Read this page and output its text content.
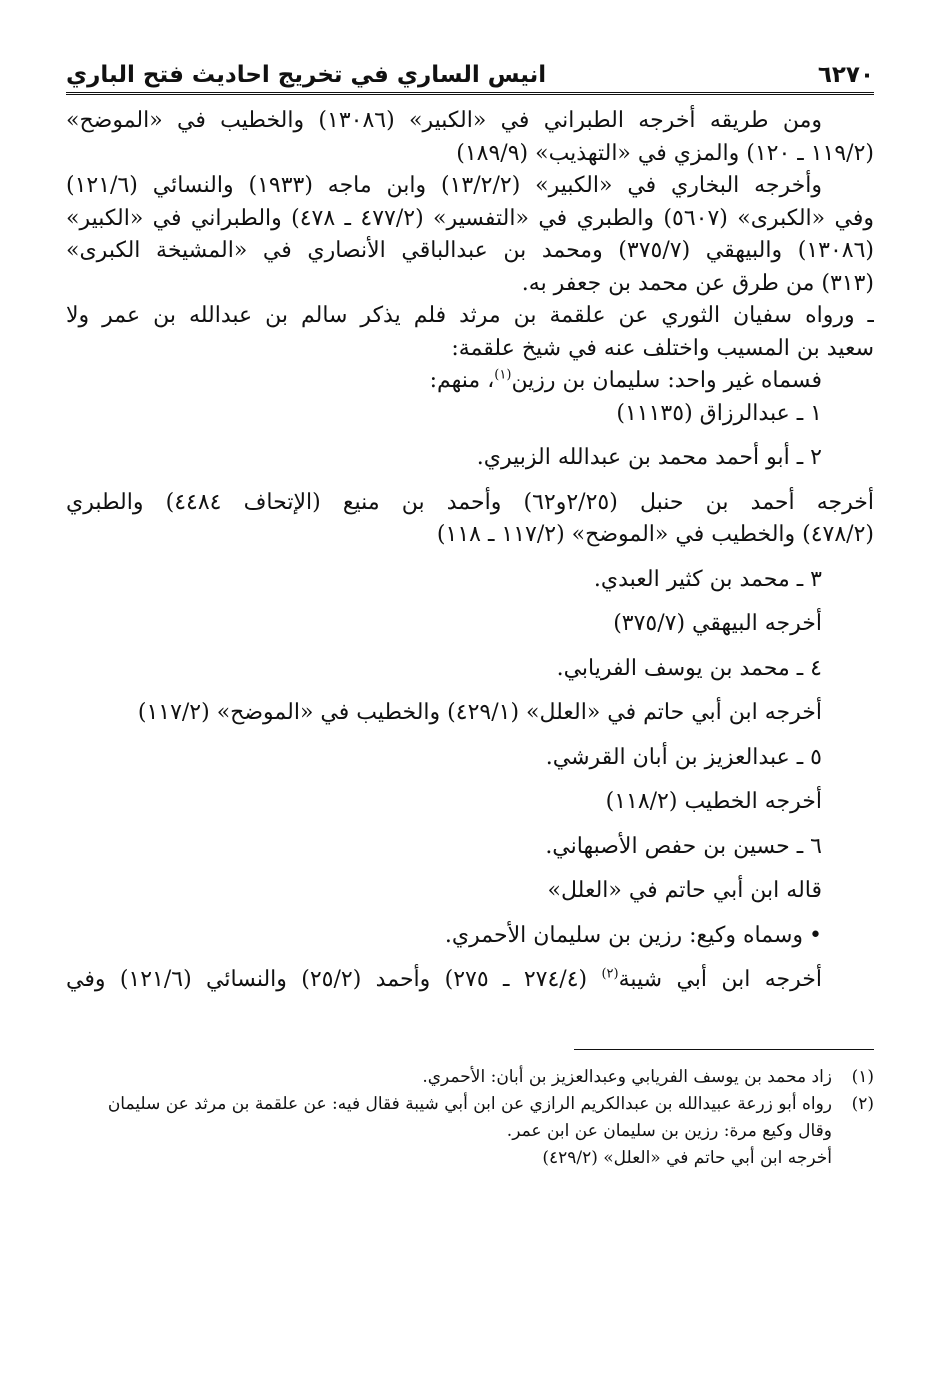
٦٢٧٠
انيس الساري في تخريج احاديث فتح الباري
ومن طريقه أخرجه الطبراني في «الكبير» (١٣٠٨٦) والخطيب في «الموضح»
(١١٩/٢ ـ ١٢٠) والمزي في «التهذيب» (١٨٩/٩)
وأخرجه البخاري في «الكبير» (١٣/٢/٢) وابن ماجه (١٩٣٣) والنسائي (١٢١/٦)
وفي «الكبرى» (٥٦٠٧) والطبري في «التفسير» (٤٧٧/٢ ـ ٤٧٨) والطبراني في «الكبير»
(١٣٠٨٦) والبيهقي (٣٧٥/٧) ومحمد بن عبدالباقي الأنصاري في «المشيخة الكبرى»
(٣١٣) من طرق عن محمد بن جعفر به.
ـ ورواه سفيان الثوري عن علقمة بن مرثد فلم يذكر سالم بن عبدالله بن عمر ولا
سعيد بن المسيب واختلف عنه في شيخ علقمة:
فسماه غير واحد: سليمان بن رزين$^{(١)}$، منهم:
١ ـ عبدالرزاق (١١١٣٥)
٢ ـ أبو أحمد محمد بن عبدالله الزبيري.
أخرجه أحمد بن حنبل (٢/٢٥و٦٢) وأحمد بن منيع (الإتحاف ٤٤٨٤) والطبري
(٤٧٨/٢) والخطيب في «الموضح» (١١٧/٢ ـ ١١٨)
٣ ـ محمد بن كثير العبدي.
أخرجه البيهقي (٣٧٥/٧)
٤ ـ محمد بن يوسف الفريابي.
أخرجه ابن أبي حاتم في «العلل» (٤٢٩/١) والخطيب في «الموضح» (١١٧/٢)
٥ ـ عبدالعزيز بن أبان القرشي.
أخرجه الخطيب (١١٨/٢)
٦ ـ حسين بن حفص الأصبهاني.
قاله ابن أبي حاتم في «العلل»
•وسماه وكيع: رزين بن سليمان الأحمري.
أخرجه ابن أبي شيبة$^{(٢)}$ (٢٧٤/٤ ـ ٢٧٥) وأحمد (٢٥/٢) والنسائي (١٢١/٦) وفي
(١)زاد محمد بن يوسف الفريابي وعبدالعزيز بن أبان: الأحمري.
(٢)رواه أبو زرعة عبيدالله بن عبدالكريم الرازي عن ابن أبي شيبة فقال فيه: عن علقمة بن مرثد عن سليمان
وقال وكيع مرة: رزين بن سليمان عن ابن عمر.
أخرجه ابن أبي حاتم في «العلل» (٤٢٩/٢)
